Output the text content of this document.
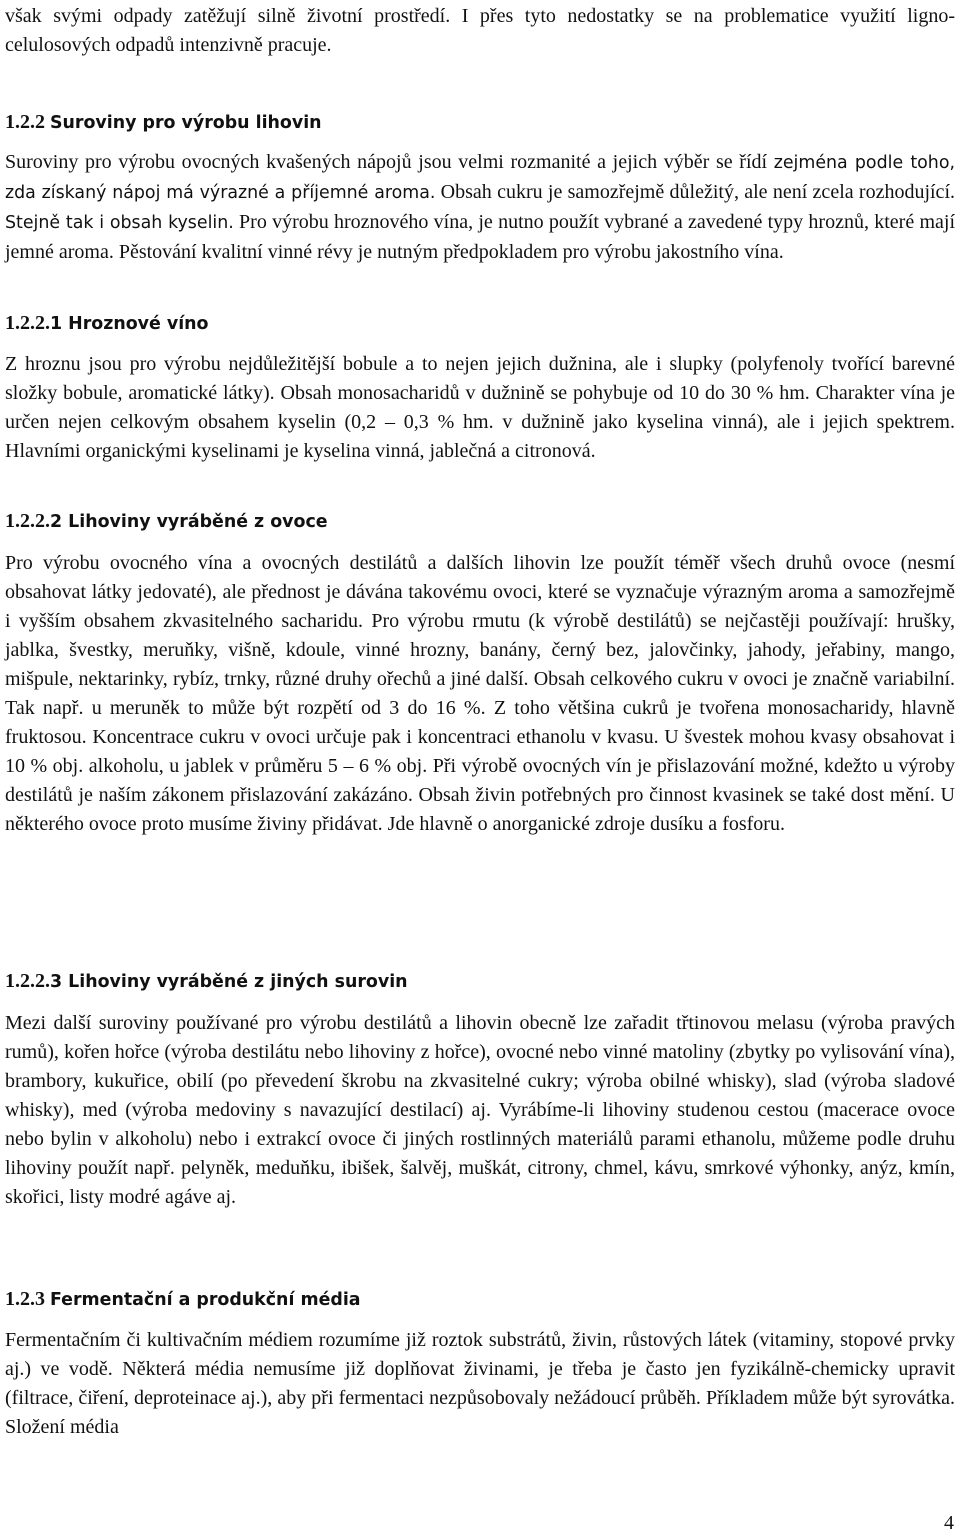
však svými odpady zatěžují silně životní prostředí. I přes tyto nedostatky se na problematice využití ligno-celulosových odpadů intenzivně pracuje.

1.2.2 Suroviny pro výrobu lihovin

Suroviny pro výrobu ovocných kvašených nápojů jsou velmi rozmanité a jejich výběr se řídí zejména podle toho, zda získaný nápoj má výrazné a příjemné aroma. Obsah cukru je samozřejmě důležitý, ale není zcela rozhodující. Stejně tak i obsah kyselin. Pro výrobu hroznového vína, je nutno použít vybrané a zavedené typy hroznů, které mají jemné aroma. Pěstování kvalitní vinné révy je nutným předpokladem pro výrobu jakostního vína.

1.2.2.1 Hroznové víno

Z hroznu jsou pro výrobu nejdůležitější bobule a to nejen jejich dužnina, ale i slupky (polyfenoly tvořící barevné složky bobule, aromatické látky). Obsah monosacharidů v dužnině se pohybuje od 10 do 30 % hm. Charakter vína je určen nejen celkovým obsahem kyselin (0,2 – 0,3 % hm. v dužnině jako kyselina vinná), ale i jejich spektrem. Hlavními organickými kyselinami je kyselina vinná, jablečná a citronová.

1.2.2.2 Lihoviny vyráběné z ovoce

Pro výrobu ovocného vína a ovocných destilátů a dalších lihovin lze použít téměř všech druhů ovoce (nesmí obsahovat látky jedovaté), ale přednost je dávána takovému ovoci, které se vyznačuje výrazným aroma a samozřejmě i vyšším obsahem zkvasitelného sacharidu. Pro výrobu rmutu (k výrobě destilátů) se nejčastěji používají: hrušky, jablka, švestky, meruňky, višně, kdoule, vinné hrozny, banány, černý bez, jalovčinky, jahody, jeřabiny, mango, mišpule, nektarinky, rybíz, trnky, různé druhy ořechů a jiné další. Obsah celkového cukru v ovoci je značně variabilní. Tak např. u meruněk to může být rozpětí od 3 do 16 %. Z toho většina cukrů je tvořena monosacharidy, hlavně fruktosou. Koncentrace cukru v ovoci určuje pak i koncentraci ethanolu v kvasu. U švestek mohou kvasy obsahovat i 10 % obj. alkoholu, u jablek v průměru 5 – 6 % obj. Při výrobě ovocných vín je přislazování možné, kdežto u výroby destilátů je naším zákonem přislazování zakázáno. Obsah živin potřebných pro činnost kvasinek se také dost mění. U některého ovoce proto musíme živiny přidávat. Jde hlavně o anorganické zdroje dusíku a fosforu.

1.2.2.3 Lihoviny vyráběné z jiných surovin

Mezi další suroviny používané pro výrobu destilátů a lihovin obecně lze zařadit třtinovou melasu (výroba pravých rumů), kořen hořce (výroba destilátu nebo lihoviny z hořce), ovocné nebo vinné matoliny (zbytky po vylisování vína), brambory, kukuřice, obilí (po převedení škrobu na zkvasitelné cukry; výroba obilné whisky), slad (výroba sladové whisky), med (výroba medoviny s navazující destilací) aj. Vyrábíme-li lihoviny studenou cestou (macerace ovoce nebo bylin v alkoholu) nebo i extrakcí ovoce či jiných rostlinných materiálů parami ethanolu, můžeme podle druhu lihoviny použít např. pelyněk, meduňku, ibišek, šalvěj, muškát, citrony, chmel, kávu, smrkové výhonky, anýz, kmín, skořici, listy modré agáve aj.

1.2.3 Fermentační a produkční média

Fermentačním či kultivačním médiem rozumíme již roztok substrátů, živin, růstových látek (vitaminy, stopové prvky aj.) ve vodě. Některá média nemusíme již doplňovat živinami, je třeba je často jen fyzikálně-chemicky upravit (filtrace, čiření, deproteinace aj.), aby při fermentaci nezpůsobovaly nežádoucí průběh. Příkladem může být syrovátka. Složení média

4
